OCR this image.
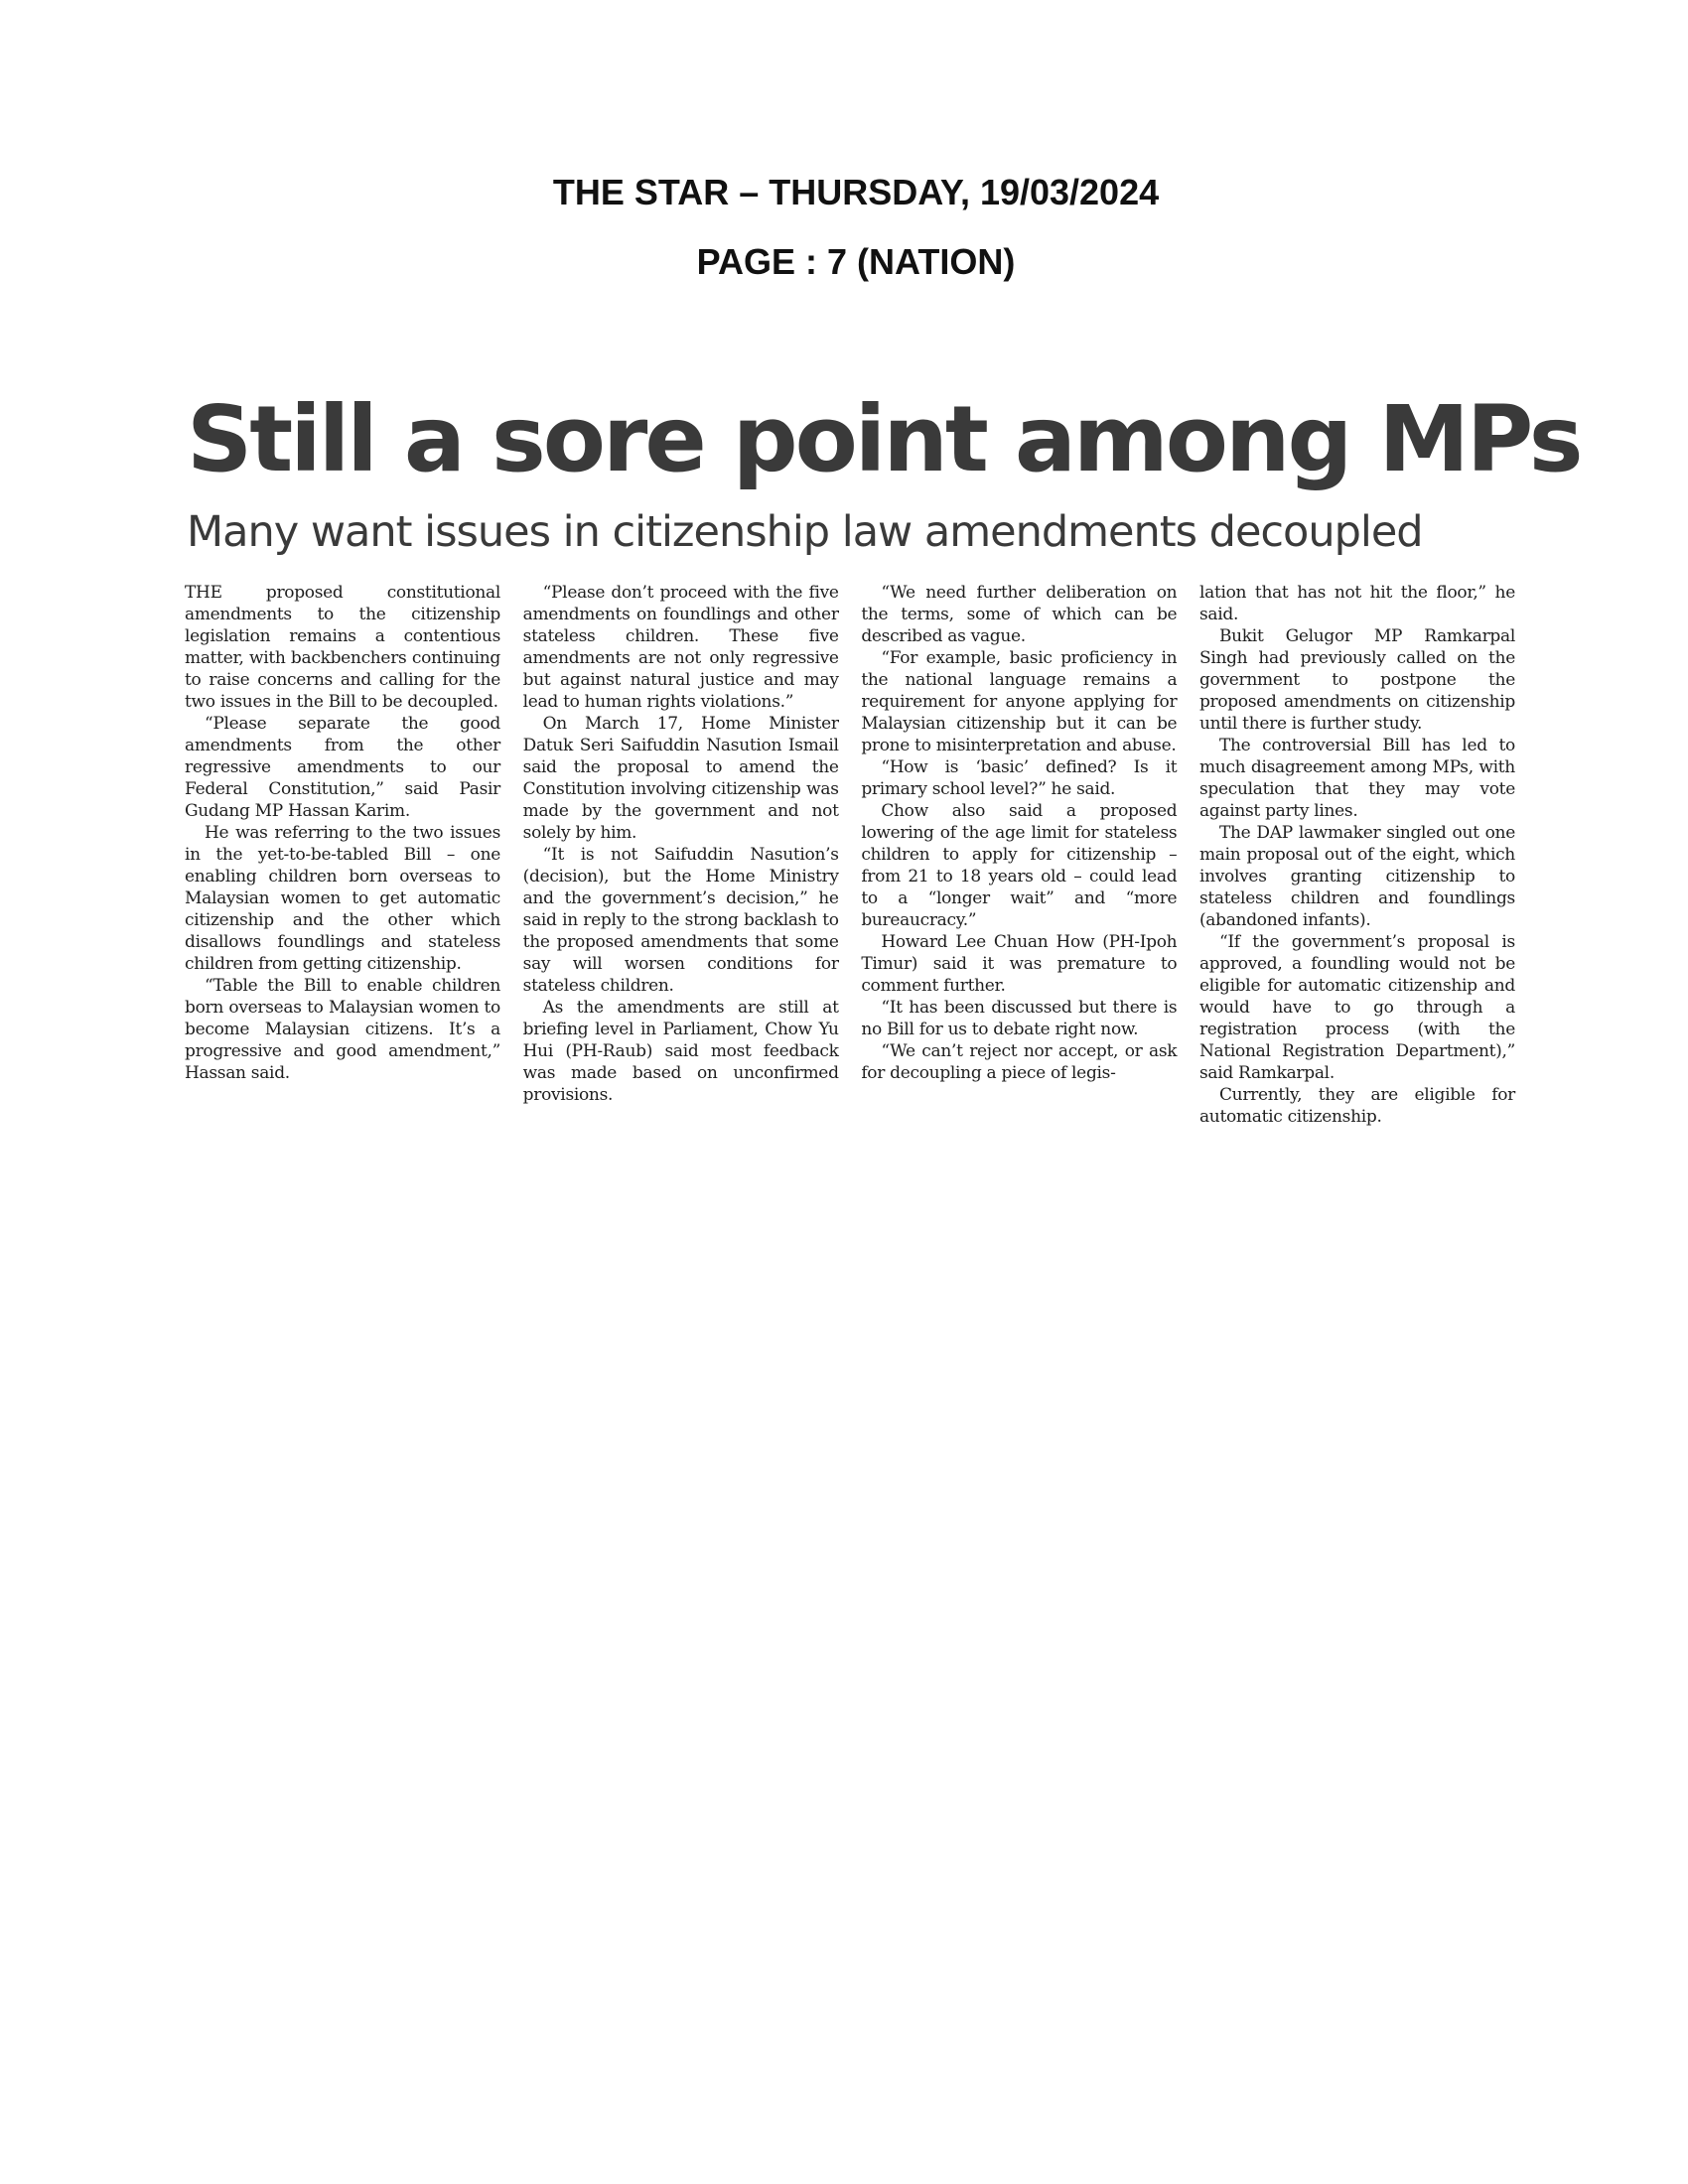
THE STAR – THURSDAY, 19/03/2024
PAGE : 7 (NATION)
Still a sore point among MPs
Many want issues in citizenship law amendments decoupled

THE proposed constitutional amendments to the citizenship legislation remains a contentious matter, with backbenchers continuing to raise concerns and calling for the two issues in the Bill to be decoupled.

“Please separate the good amendments from the other regressive amendments to our Federal Constitution,” said Pasir Gudang MP Hassan Karim.

He was referring to the two issues in the yet-to-be-tabled Bill – one enabling children born overseas to Malaysian women to get automatic citizenship and the other which disallows foundlings and stateless children from getting citizenship.

“Table the Bill to enable children born overseas to Malaysian women to become Malaysian citizens. It’s a progressive and good amendment,” Hassan said.

“Please don’t proceed with the five amendments on foundlings and other stateless children. These five amendments are not only regressive but against natural justice and may lead to human rights violations.”

On March 17, Home Minister Datuk Seri Saifuddin Nasution Ismail said the proposal to amend the Constitution involving citizenship was made by the government and not solely by him.

“It is not Saifuddin Nasution’s (decision), but the Home Ministry and the government’s decision,” he said in reply to the strong backlash to the proposed amendments that some say will worsen conditions for stateless children.

As the amendments are still at briefing level in Parliament, Chow Yu Hui (PH-Raub) said most feedback was made based on unconfirmed provisions.

“We need further deliberation on the terms, some of which can be described as vague.

“For example, basic proficiency in the national language remains a requirement for anyone applying for Malaysian citizenship but it can be prone to misinterpretation and abuse.

“How is ‘basic’ defined? Is it primary school level?” he said.

Chow also said a proposed lowering of the age limit for stateless children to apply for citizenship – from 21 to 18 years old – could lead to a “longer wait” and “more bureaucracy.”

Howard Lee Chuan How (PH-Ipoh Timur) said it was premature to comment further.

“It has been discussed but there is no Bill for us to debate right now.

“We can’t reject nor accept, or ask for decoupling a piece of legis-

lation that has not hit the floor,” he said.

Bukit Gelugor MP Ramkarpal Singh had previously called on the government to postpone the proposed amendments on citizenship until there is further study.

The controversial Bill has led to much disagreement among MPs, with speculation that they may vote against party lines.

The DAP lawmaker singled out one main proposal out of the eight, which involves granting citizenship to stateless children and foundlings (abandoned infants).

“If the government’s proposal is approved, a foundling would not be eligible for automatic citizenship and would have to go through a registration process (with the National Registration Department),” said Ramkarpal.

Currently, they are eligible for automatic citizenship.
